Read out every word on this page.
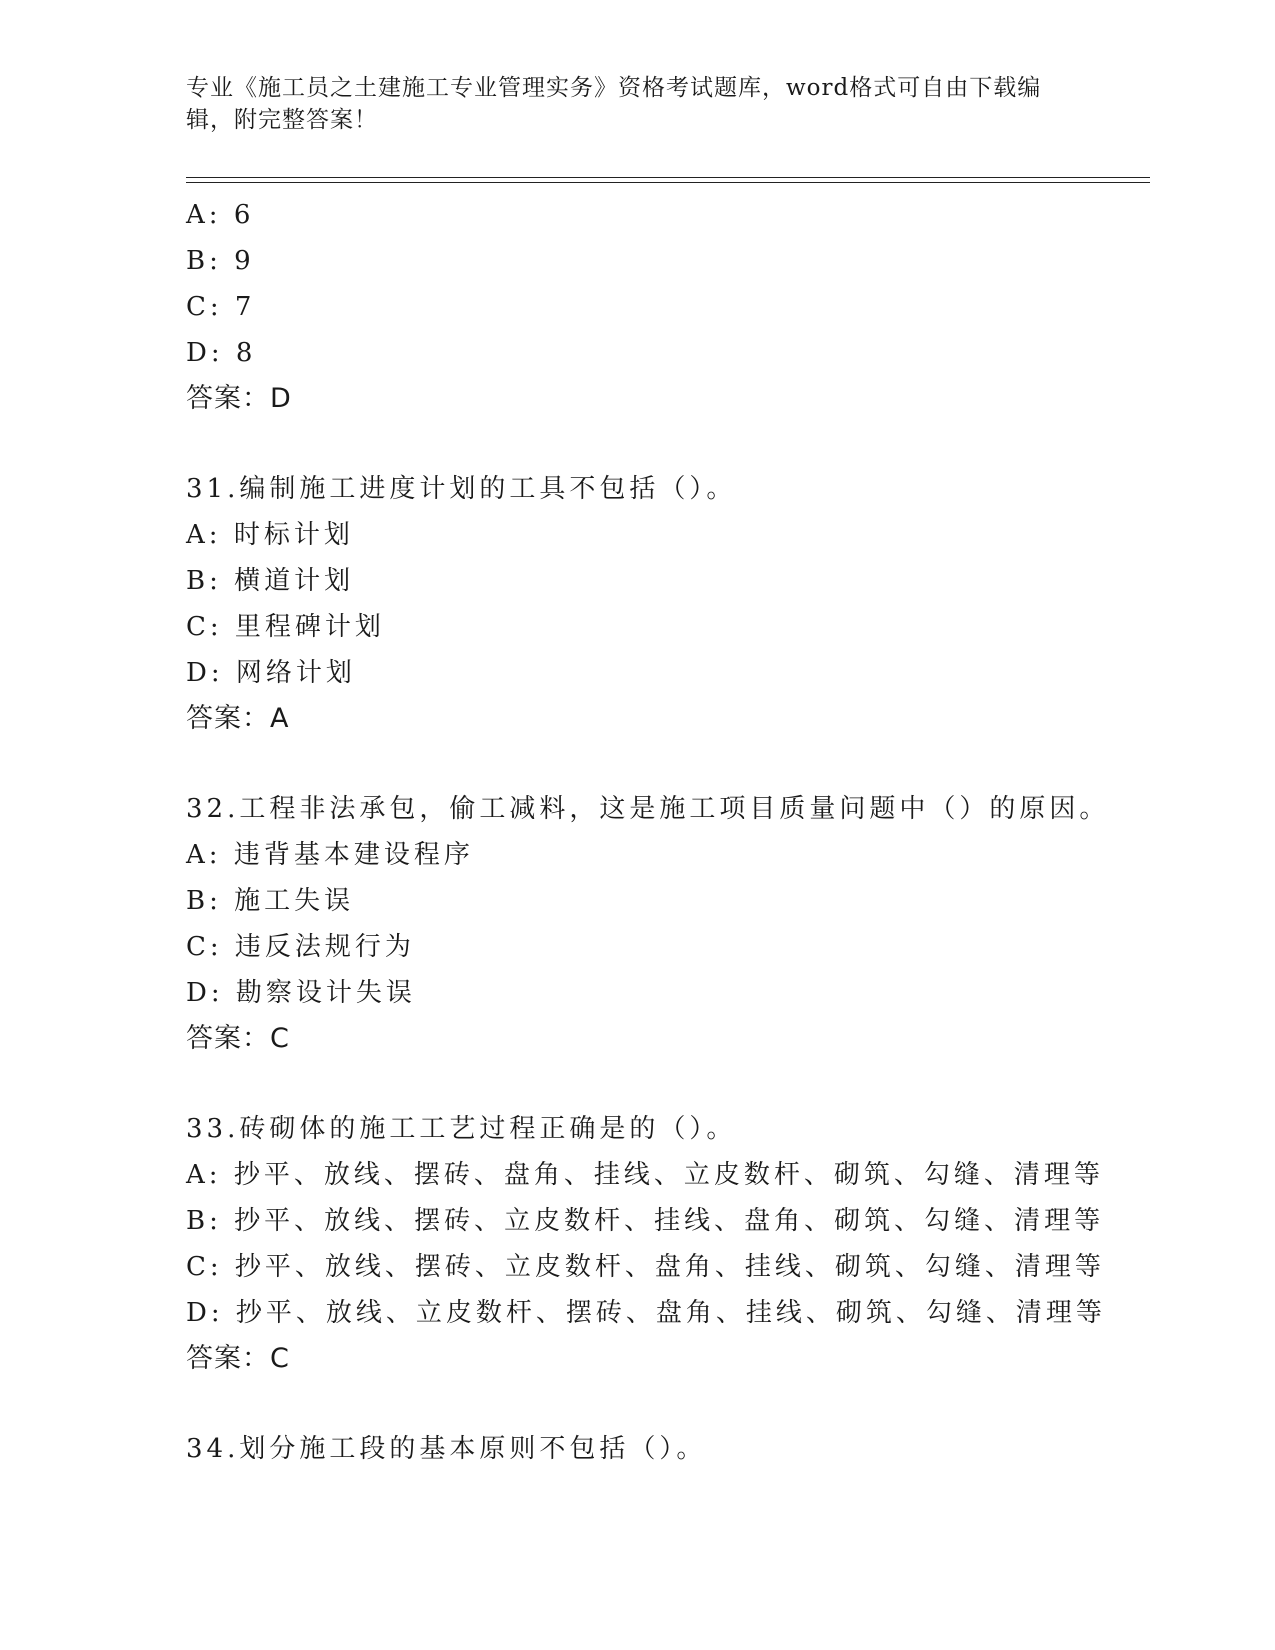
专业《施工员之土建施工专业管理实务》资格考试题库，word格式可自由下载编辑，附完整答案！
A: 6
B: 9
C: 7
D: 8
答案：D
31.编制施工进度计划的工具不包括（）。
A: 时标计划
B: 横道计划
C: 里程碑计划
D: 网络计划
答案：A
32.工程非法承包，偷工减料，这是施工项目质量问题中（）的原因。
A: 违背基本建设程序
B: 施工失误
C: 违反法规行为
D: 勘察设计失误
答案：C
33.砖砌体的施工工艺过程正确是的（）。
A: 抄平、放线、摆砖、盘角、挂线、立皮数杆、砌筑、勾缝、清理等
B: 抄平、放线、摆砖、立皮数杆、挂线、盘角、砌筑、勾缝、清理等
C: 抄平、放线、摆砖、立皮数杆、盘角、挂线、砌筑、勾缝、清理等
D: 抄平、放线、立皮数杆、摆砖、盘角、挂线、砌筑、勾缝、清理等
答案：C
34.划分施工段的基本原则不包括（）。
